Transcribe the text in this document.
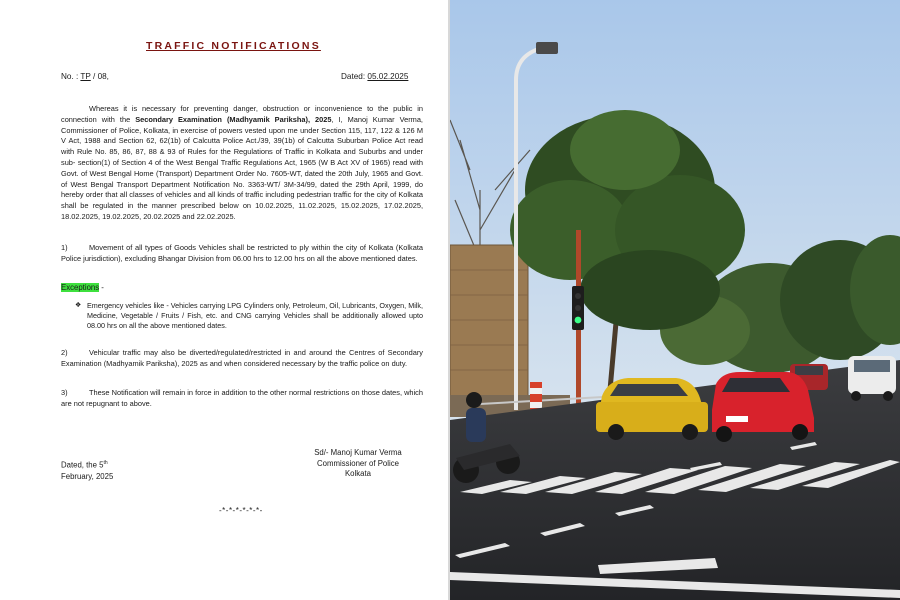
TRAFFIC NOTIFICATIONS
No. : TP / 08,	Dated: 05.02.2025
Whereas it is necessary for preventing danger, obstruction or inconvenience to the public in connection with the Secondary Examination (Madhyamik Pariksha), 2025, I, Manoj Kumar Verma, Commissioner of Police, Kolkata, in exercise of powers vested upon me under Section 115, 117, 122 & 126 M V Act, 1988 and Section 62, 62(1b) of Calcutta Police Act./39, 39(1b) of Calcutta Suburban Police Act read with Rule No. 85, 86, 87, 88 & 93 of Rules for the Regulations of Traffic in Kolkata and Suburbs and under sub- section(1) of Section 4 of the West Bengal Traffic Regulations Act, 1965 (W B Act XV of 1965) read with Govt. of West Bengal Home (Transport) Department Order No. 7605-WT, dated the 20th July, 1965 and Govt. of West Bengal Transport Department Notification No. 3363-WT/ 3M-34/99, dated the 29th April, 1999, do hereby order that all classes of vehicles and all kinds of traffic including pedestrian traffic for the city of Kolkata shall be regulated in the manner prescribed below on 10.02.2025, 11.02.2025, 15.02.2025, 17.02.2025, 18.02.2025, 19.02.2025, 20.02.2025 and 22.02.2025.
1)	Movement of all types of Goods Vehicles shall be restricted to ply within the city of Kolkata (Kolkata Police jurisdiction), excluding Bhangar Division from 06.00 hrs to 12.00 hrs on all the above mentioned dates.
Exceptions -
❖ Emergency vehicles like - Vehicles carrying LPG Cylinders only, Petroleum, Oil, Lubricants, Oxygen, Milk, Medicine, Vegetable / Fruits / Fish, etc. and CNG carrying Vehicles shall be additionally allowed upto 08.00 hrs on all the above mentioned dates.
2)	Vehicular traffic may also be diverted/regulated/restricted in and around the Centres of Secondary Examination (Madhyamik Pariksha), 2025 as and when considered necessary by the traffic police on duty.
3)	These Notification will remain in force in addition to the other normal restrictions on those dates, which are not repugnant to above.
Sd/- Manoj Kumar Verma
Commissioner of Police
Kolkata
Dated, the 5th
February, 2025
-*-*-*-*-*-*-
